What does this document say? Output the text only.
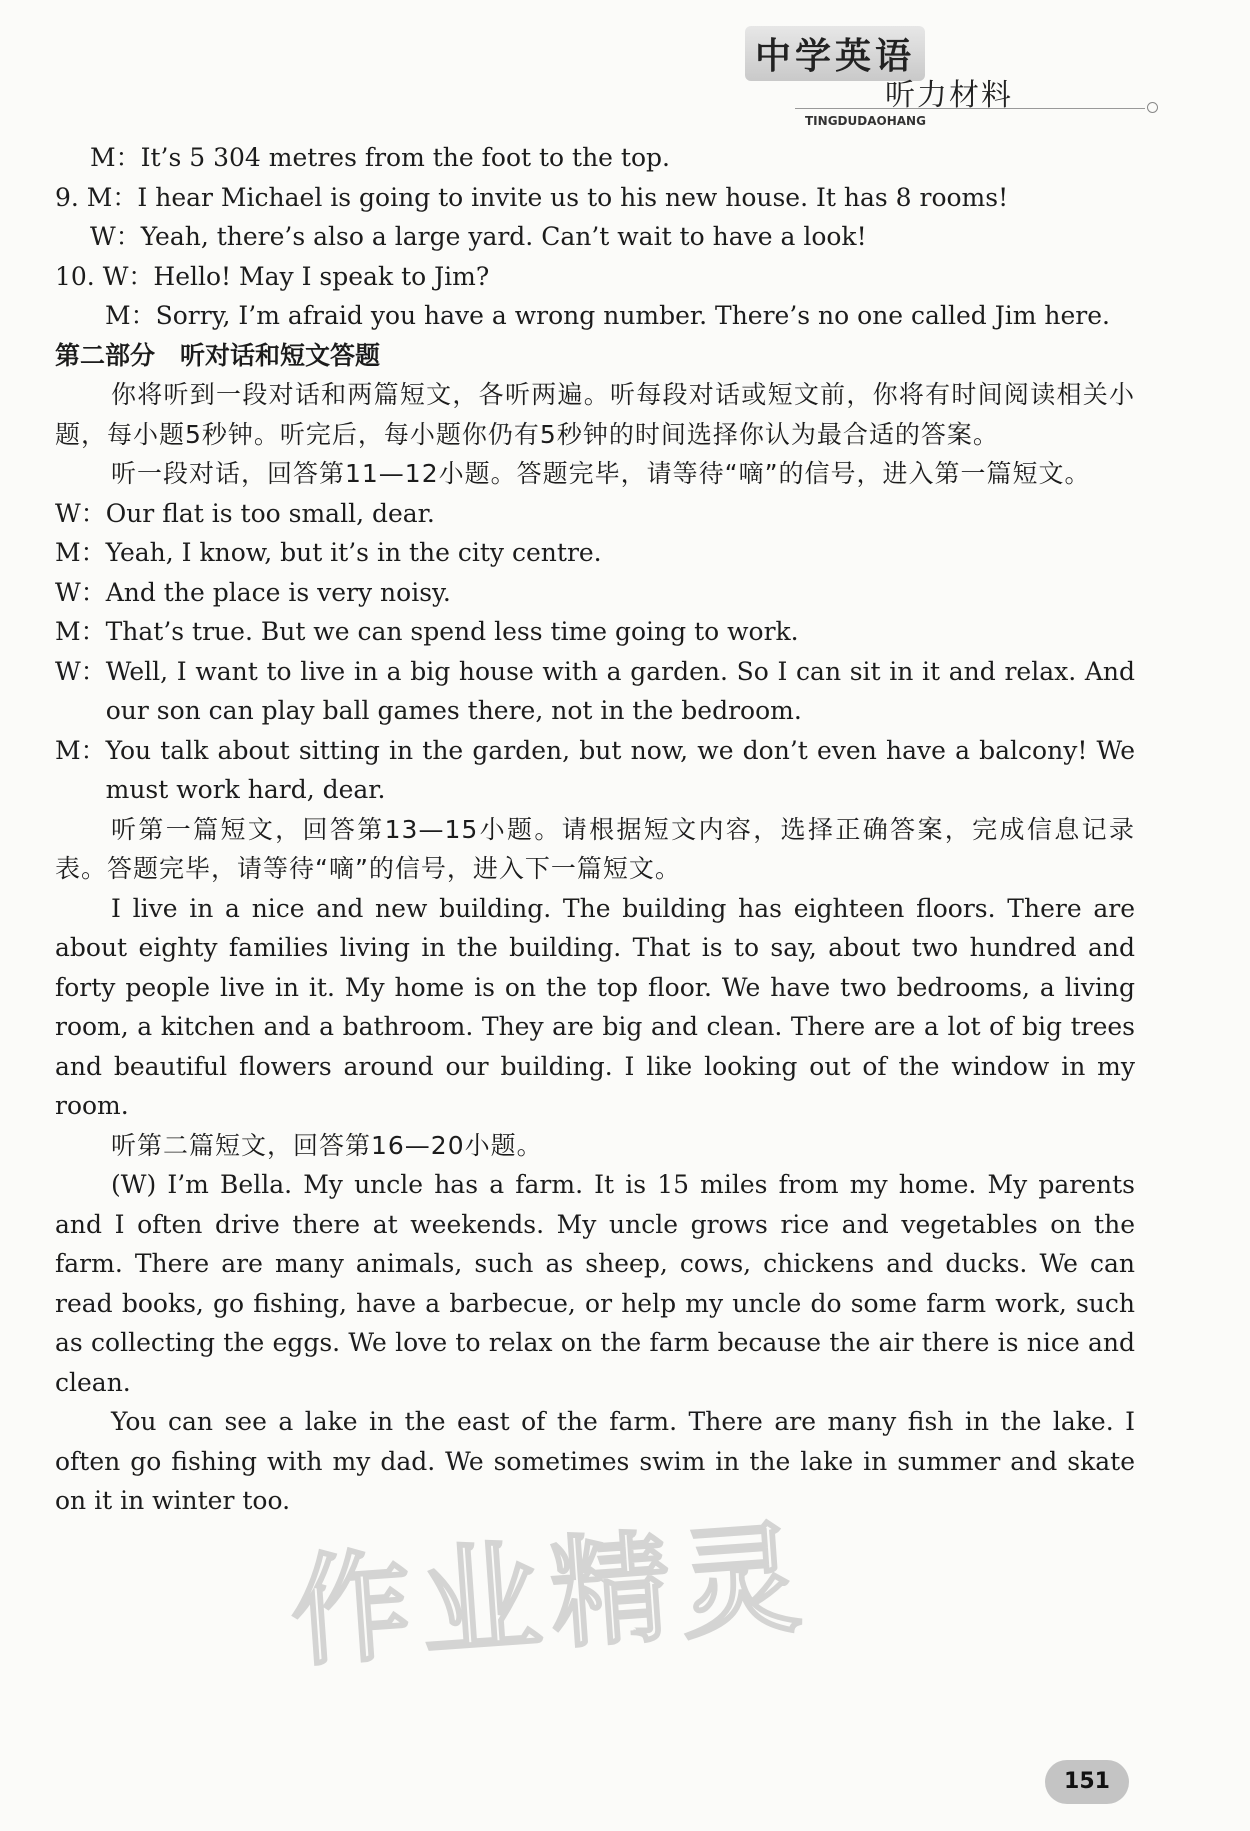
中学英语
听力材料
TINGDUDAOHANG
M： It’s 5 304 metres from the foot to the top.
9. M： I hear Michael is going to invite us to his new house. It has 8 rooms!
W： Yeah, there’s also a large yard. Can’t wait to have a look!
10. W： Hello! May I speak to Jim?
M： Sorry, I’m afraid you have a wrong number. There’s no one called Jim here.

第二部分　听对话和短文答题

你将听到一段对话和两篇短文，各听两遍。听每段对话或短文前，你将有时间阅读相关小题，每小题5秒钟。听完后，每小题你仍有5秒钟的时间选择你认为最合适的答案。

听一段对话，回答第11—12小题。答题完毕，请等待“嘀”的信号，进入第一篇短文。

W： Our flat is too small, dear.
M： Yeah, I know, but it’s in the city centre.
W： And the place is very noisy.
M： That’s true. But we can spend less time going to work.
W： Well, I want to live in a big house with a garden. So I can sit in it and relax. And our son can play ball games there, not in the bedroom.
M： You talk about sitting in the garden, but now, we don’t even have a balcony! We must work hard, dear.

听第一篇短文，回答第13—15小题。请根据短文内容，选择正确答案，完成信息记录表。答题完毕，请等待“嘀”的信号，进入下一篇短文。

I live in a nice and new building. The building has eighteen floors. There are about eighty families living in the building. That is to say, about two hundred and forty people live in it. My home is on the top floor. We have two bedrooms, a living room, a kitchen and a bathroom. They are big and clean. There are a lot of big trees and beautiful flowers around our building. I like looking out of the window in my room.

听第二篇短文，回答第16—20小题。

(W) I’m Bella. My uncle has a farm. It is 15 miles from my home. My parents and I often drive there at weekends. My uncle grows rice and vegetables on the farm. There are many animals, such as sheep, cows, chickens and ducks. We can read books, go fishing, have a barbecue, or help my uncle do some farm work, such as collecting the eggs. We love to relax on the farm because the air there is nice and clean.

You can see a lake in the east of the farm. There are many fish in the lake. I often go fishing with my dad. We sometimes swim in the lake in summer and skate on it in winter too.

作业精灵
151
